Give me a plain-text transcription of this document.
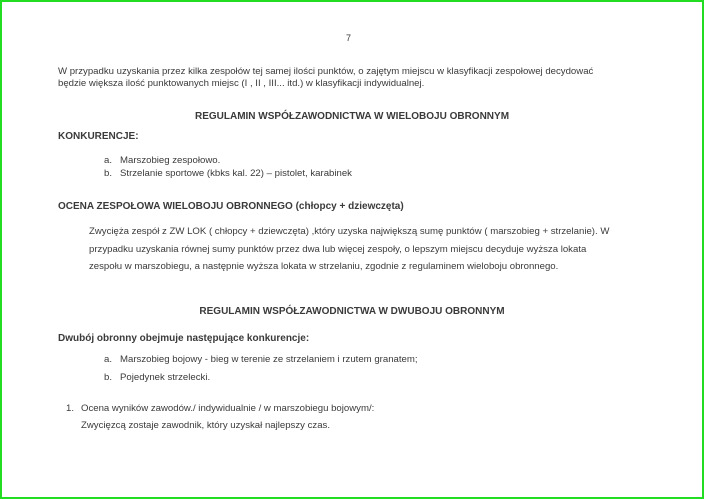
7
W przypadku uzyskania przez kilka zespołów tej samej ilości punktów, o zajętym miejscu w klasyfikacji zespołowej decydować
będzie większa ilość punktowanych miejsc (I , II , III... itd.) w klasyfikacji indywidualnej.
REGULAMIN WSPÓŁZAWODNICTWA W WIELOBOJU OBRONNYM
KONKURENCJE:
a. Marszobieg zespołowo.
b. Strzelanie sportowe (kbks kal. 22) – pistolet, karabinek
OCENA ZESPOŁOWA WIELOBOJU OBRONNEGO (chłopcy + dziewczęta)
Zwycięża zespół z ZW LOK ( chłopcy + dziewczęta) ,który uzyska największą sumę punktów ( marszobieg + strzelanie). W
przypadku uzyskania równej sumy punktów przez dwa lub więcej zespoły, o lepszym miejscu decyduje wyższa lokata
zespołu w marszobiegu, a następnie wyższa lokata w strzelaniu, zgodnie z regulaminem wieloboju obronnego.
REGULAMIN WSPÓŁZAWODNICTWA W DWUBOJU OBRONNYM
Dwubój obronny obejmuje następujące konkurencje:
a. Marszobieg bojowy - bieg w terenie ze strzelaniem i rzutem granatem;
b. Pojedynek strzelecki.
1. Ocena wyników zawodów./ indywidualnie / w marszobiegu bojowym/:
Zwycięzcą zostaje zawodnik, który uzyskał najlepszy czas.
